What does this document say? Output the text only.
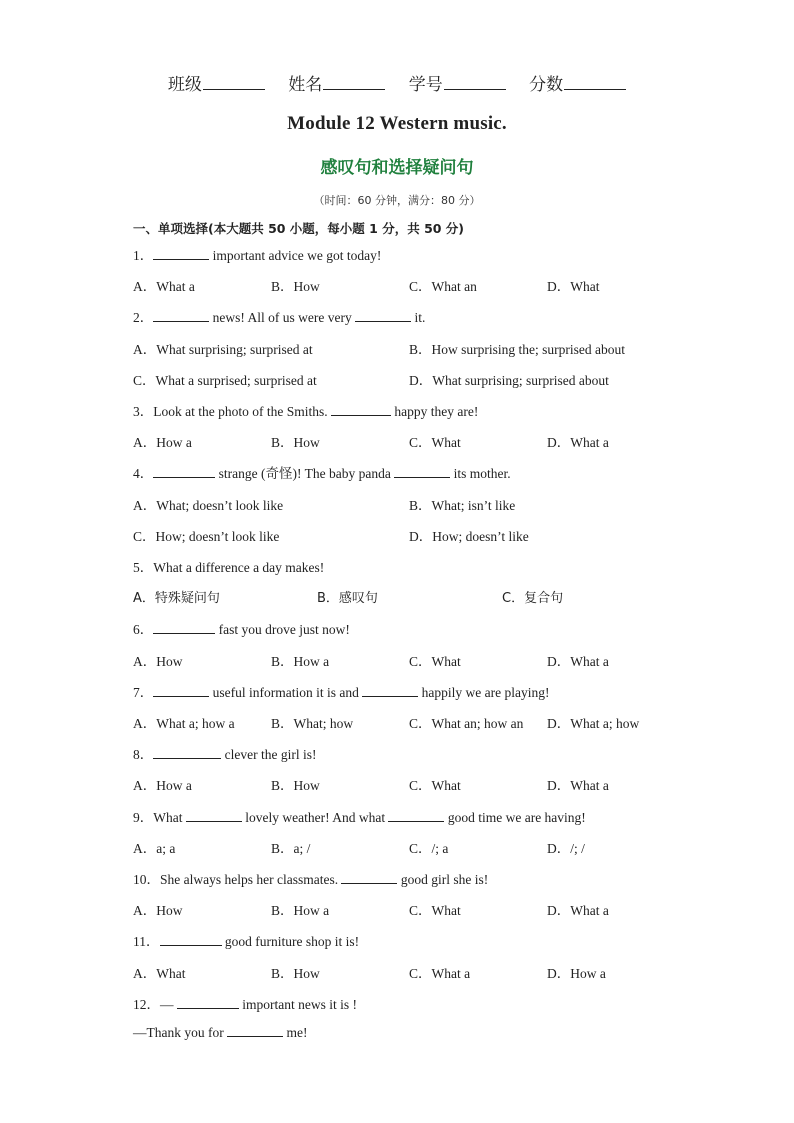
班级	姓名	学号	分数
Module 12 Western music.
感叹句和选择疑问句
（时间：60 分钟，满分：80 分）
一、单项选择(本大题共 50 小题，每小题 1 分，共 50 分)
1．	important advice we got today!
A．What a	B．How	C．What an	D．What
2．	news! All of us were very	it.
A．What surprising; surprised at	B．How surprising the; surprised about
C．What a surprised; surprised at	D．What surprising; surprised about
3．Look at the photo of the Smiths.	happy they are!
A．How a	B．How	C．What	D．What a
4．	strange (奇怪)! The baby panda	its mother.
A．What; doesn’t look like	B．What; isn’t like
C．How; doesn’t look like	D．How; doesn’t like
5．What a difference a day makes!
A．特殊疑问句	B．感叹句	C．复合句
6．	fast you drove just now!
A．How	B．How a	C．What	D．What a
7．	useful information it is and	happily we are playing!
A．What a; how a	B．What; how	C．What an; how an D．What a; how
8．	clever the girl is!
A．How a	B．How	C．What	D．What a
9．What	lovely weather! And what	good time we are having!
A．a; a	B．a; /	C．/; a	D．/; /
10．She always helps her classmates.	good girl she is!
A．How	B．How a	C．What	D．What a
11．	good furniture shop it is!
A．What	B．How	C．What a	D．How a
12．—	important news it is !
—Thank you for	me!
